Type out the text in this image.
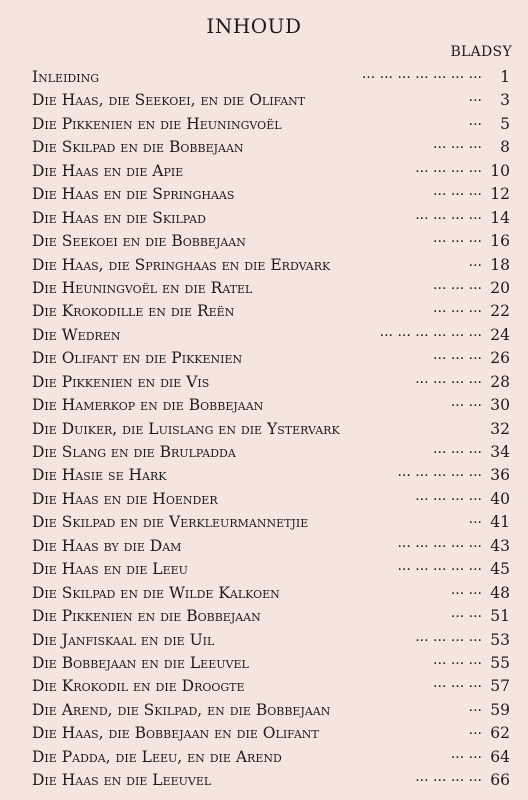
INHOUD
BLADSY
Inleiding	... ... ... ... ... ... ...	1
Die Haas, die Seekoei, en die Olifant	...	3
Die Pikkenien en die Heuningvoël	...	5
Die Skilpad en die Bobbejaan	... ... ...	8
Die Haas en die Apie	... ... ... ... 10
Die Haas en die Springhaas	... ... ... 12
Die Haas en die Skilpad	... ... ... ... 14
Die Seekoei en die Bobbejaan	... ... ... 16
Die Haas, die Springhaas en die Erdvark	... 18
Die Heuningvoël en die Ratel	... ... ... 20
Die Krokodille en die Reën	... ... ... 22
Die Wedren	... ... ... ... ... ... 24
Die Olifant en die Pikkenien	... ... ... 26
Die Pikkenien en die Vis	... ... ... ... 28
Die Hamerkop en die Bobbejaan	... ... 30
Die Duiker, die Luislang en die Ystervark	32
Die Slang en die Brulpadda	... ... ... 34
Die Hasie se Hark	... ... ... ... ... 36
Die Haas en die Hoender	... ... ... ... 40
Die Skilpad en die Verkleurmannetjie	... 41
Die Haas by die Dam	... ... ... ... ... 43
Die Haas en die Leeu	... ... ... ... ... 45
Die Skilpad en die Wilde Kalkoen	... ... 48
Die Pikkenien en die Bobbejaan	... ... 51
Die Janfiskaal en die Uil	... ... ... ... 53
Die Bobbejaan en die Leeuvel	... ... ... 55
Die Krokodil en die Droogte	... ... ... 57
Die Arend, die Skilpad, en die Bobbejaan	... 59
Die Haas, die Bobbejaan en die Olifant	... 62
Die Padda, die Leeu, en die Arend	... ... 64
Die Haas en die Leeuvel	... ... ... ... 66
